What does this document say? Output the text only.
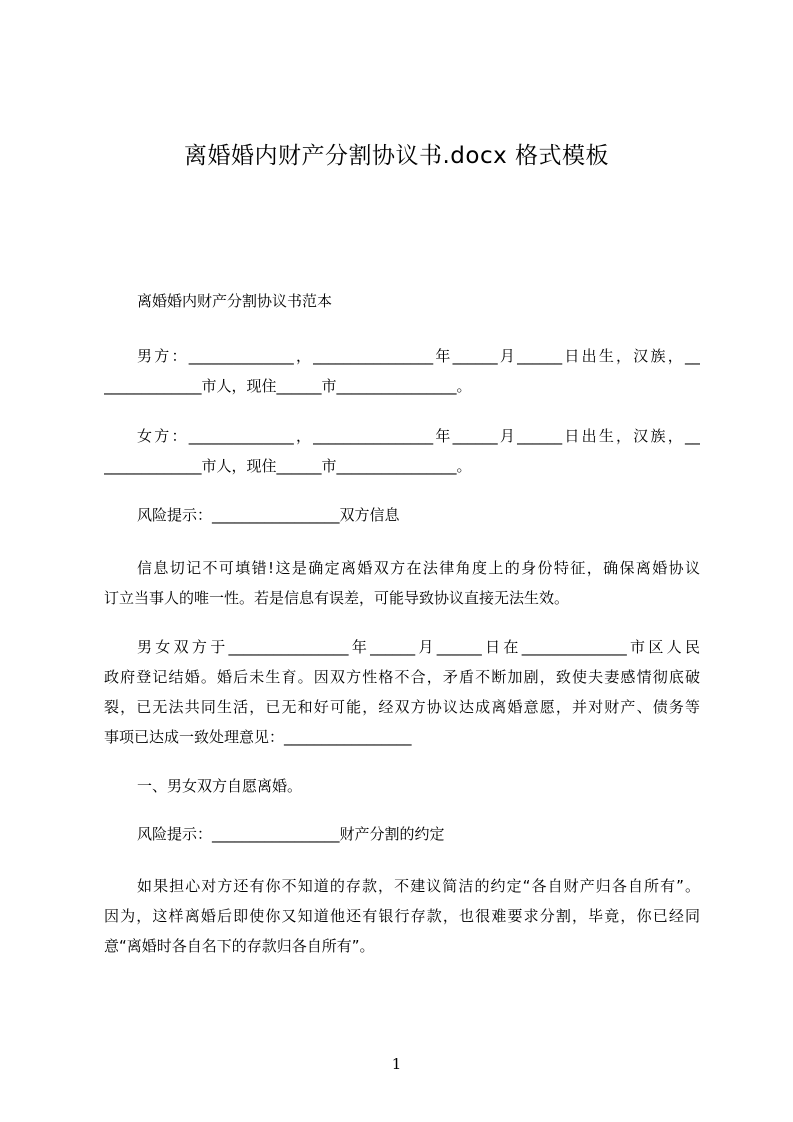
离婚婚内财产分割协议书.docx 格式模板
离婚婚内财产分割协议书范本
男方：______________，________________年______月______日出生，汉族，__
_____________市人，现住______市________________。
女方：______________，________________年______月______日出生，汉族，__
_____________市人，现住______市________________。
风险提示：_________________双方信息
信息切记不可填错!这是确定离婚双方在法律角度上的身份特征，确保离婚协议
订立当事人的唯一性。若是信息有误差，可能导致协议直接无法生效。
男女双方于________________年______月______日在______________市区人民
政府登记结婚。婚后未生育。因双方性格不合，矛盾不断加剧，致使夫妻感情彻底破
裂，已无法共同生活，已无和好可能，经双方协议达成离婚意愿，并对财产、债务等
事项已达成一致处理意见：_________________
一、男女双方自愿离婚。
风险提示：_________________财产分割的约定
如果担心对方还有你不知道的存款，不建议简洁的约定“各自财产归各自所有”。
因为，这样离婚后即使你又知道他还有银行存款，也很难要求分割，毕竟，你已经同
意“离婚时各自名下的存款归各自所有”。
1
